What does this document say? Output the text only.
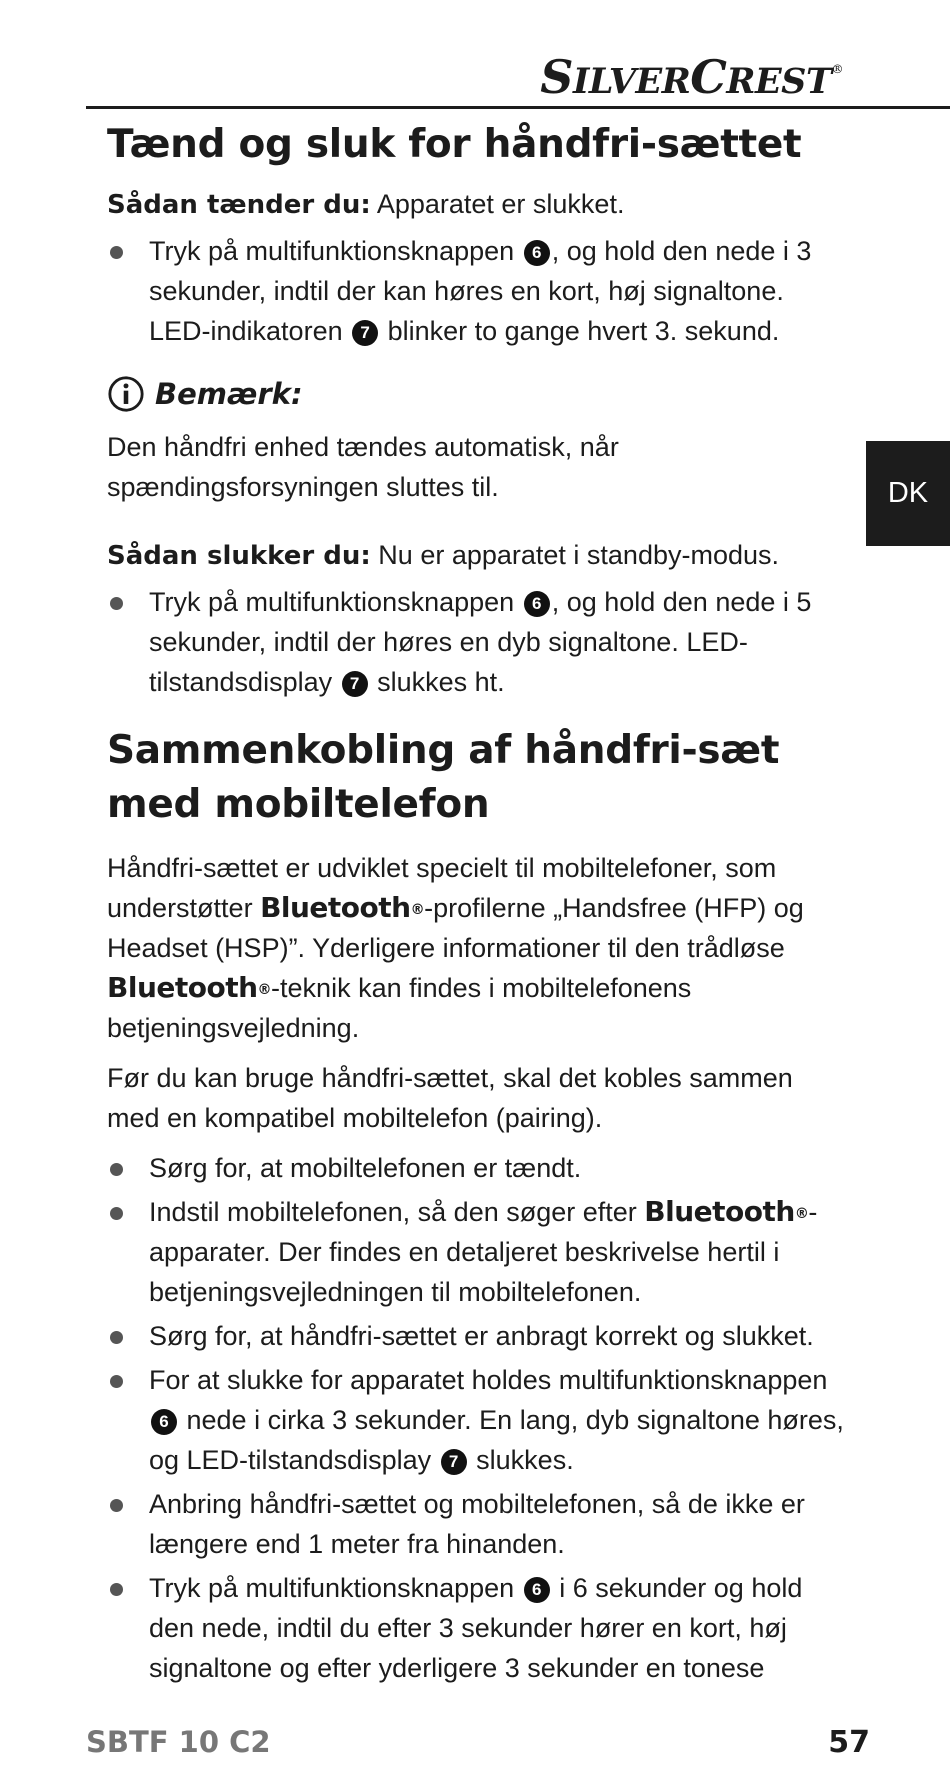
SILVERCREST®
DK
Tænd og sluk for håndfri-sættet

Sådan tænder du: Apparatet er slukket.

Tryk på multifunktionsknappen 6 , og hold den nede i 3 sekunder, indtil der kan høres en kort, høj signaltone. LED-indikatoren 7 blinker to gange hvert 3. sekund.
Bemærk:

Den håndfri enhed tændes automatisk, når spændingsforsyningen sluttes til.

Sådan slukker du: Nu er apparatet i standby-modus.

Tryk på multifunktionsknappen 6 , og hold den nede i 5 sekunder, indtil der høres en dyb signaltone. LED-tilstandsdisplay 7 slukkes ht.
Sammenkobling af håndfri-sæt med mobiltelefon

Håndfri-sættet er udviklet specielt til mobiltelefoner, som understøtter Bluetooth®-profilerne „Handsfree (HFP) og Headset (HSP)”. Yderligere informationer til den trådløse Bluetooth®-teknik kan findes i mobiltelefonens betjeningsvejledning.

Før du kan bruge håndfri-sættet, skal det kobles sammen med en kompatibel mobiltelefon (pairing).

Sørg for, at mobiltelefonen er tændt.
Indstil mobiltelefonen, så den søger efter Bluetooth®-apparater. Der findes en detaljeret beskrivelse hertil i betjeningsvejledningen til mobiltelefonen.
Sørg for, at håndfri-sættet er anbragt korrekt og slukket.
For at slukke for apparatet holdes multifunktionsknappen 6 nede i cirka 3 sekunder. En lang, dyb signaltone høres, og LED-tilstandsdisplay 7 slukkes.
Anbring håndfri-sættet og mobiltelefonen, så de ikke er længere end 1 meter fra hinanden.
Tryk på multifunktionsknappen 6 i 6 sekunder og hold den nede, indtil du efter 3 sekunder hører en kort, høj signaltone og efter yderligere 3 sekunder en tonesе
SBTF 10 C2	57
